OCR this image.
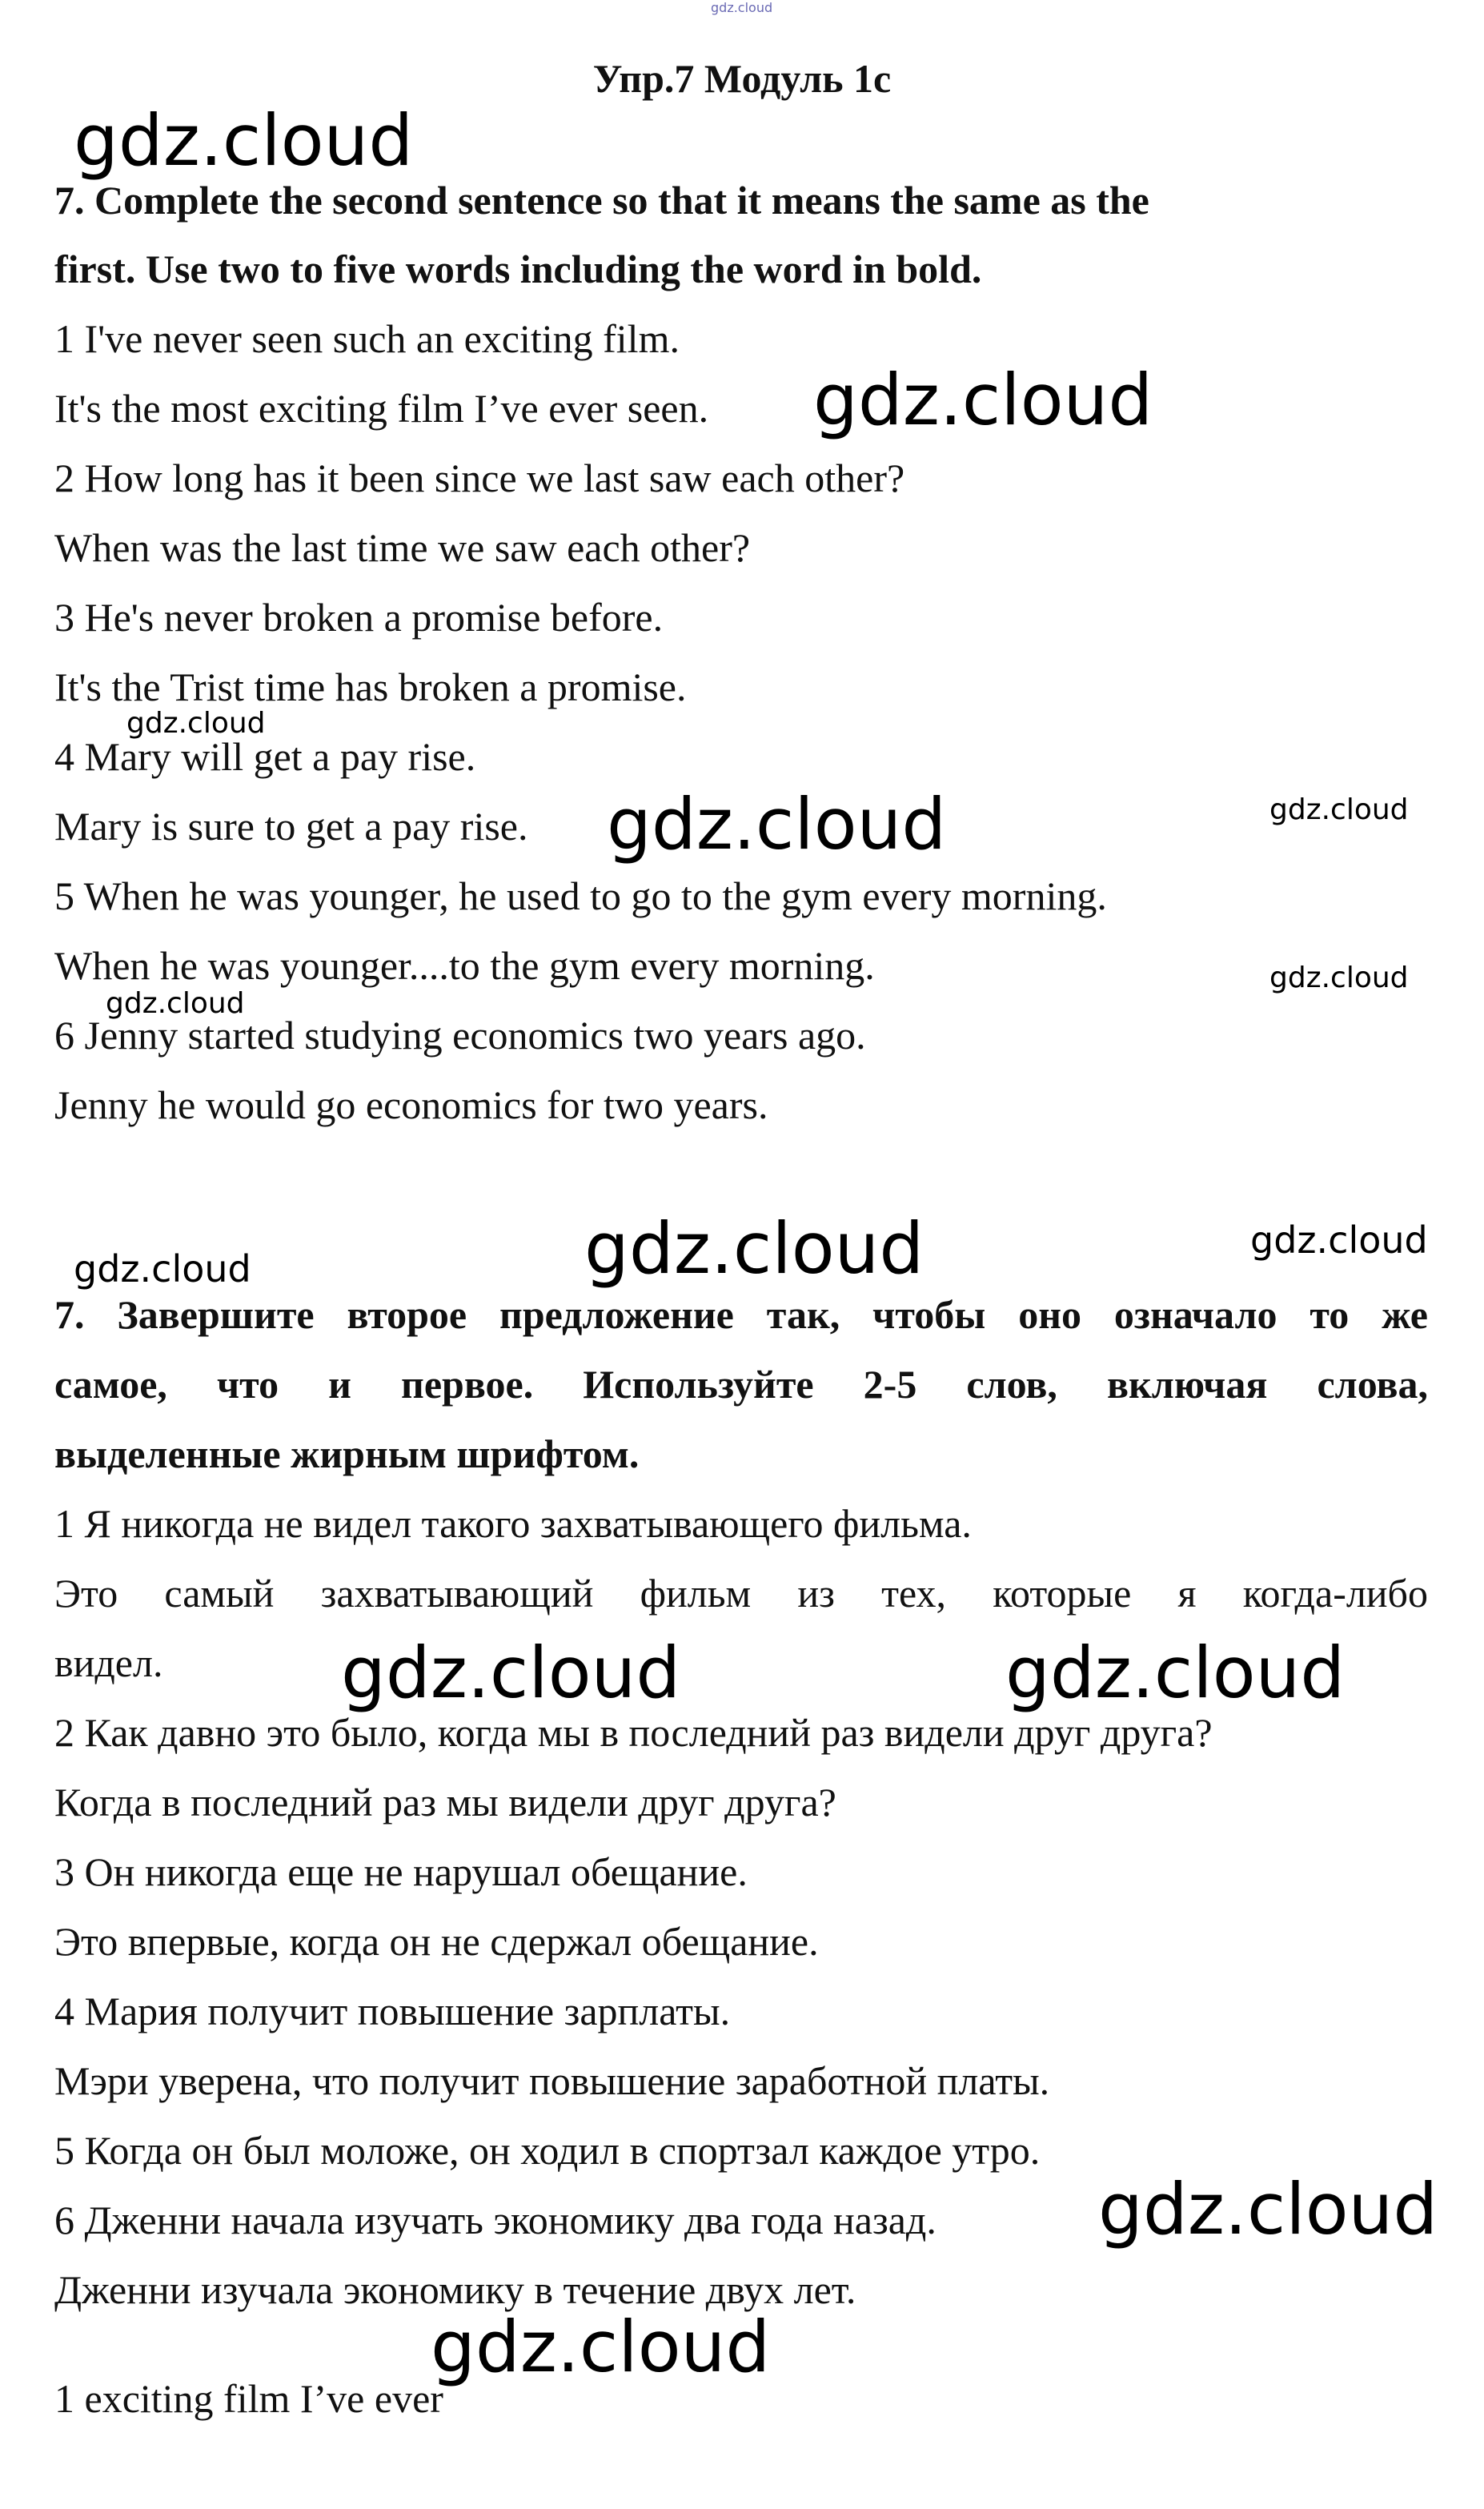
Упр.7 Модуль 1с
7. Complete the second sentence so that it means the same as the
first. Use two to five words including the word in bold.
1 I've never seen such an exciting film.
It's the most exciting film I’ve ever seen.
2 How long has it been since we last saw each other?
When was the last time we saw each other?
3 He's never broken a promise before.
It's the Trist time has broken a promise.
4 Mary will get a pay rise.
Mary is sure to get a pay rise.
5 When he was younger, he used to go to the gym every morning.
When he was younger....to the gym every morning.
6 Jenny started studying economics two years ago.
Jenny he would go economics for two years.
7. Завершите второе предложение так, чтобы оно означало то же
самое, что и первое. Используйте 2-5 слов, включая слова,
выделенные жирным шрифтом.
1 Я никогда не видел такого захватывающего фильма.
Это самый захватывающий фильм из тех, которые я когда-либо
видел.
2 Как давно это было, когда мы в последний раз видели друг друга?
Когда в последний раз мы видели друг друга?
3 Он никогда еще не нарушал обещание.
Это впервые, когда он не сдержал обещание.
4 Мария получит повышение зарплаты.
Мэри уверена, что получит повышение заработной платы.
5 Когда он был моложе, он ходил в спортзал каждое утро.
6 Дженни начала изучать экономику два года назад.
Дженни изучала экономику в течение двух лет.
1 exciting film I’ve ever
gdz.cloud
gdz.cloud
gdz.cloud
gdz.cloud
gdz.cloud	gdz.cloud
gdz.cloud
gdz.cloud
gdz.cloud	gdz.cloud
gdz.cloud
gdz.cloud	gdz.cloud
gdz.cloud
gdz.cloud
